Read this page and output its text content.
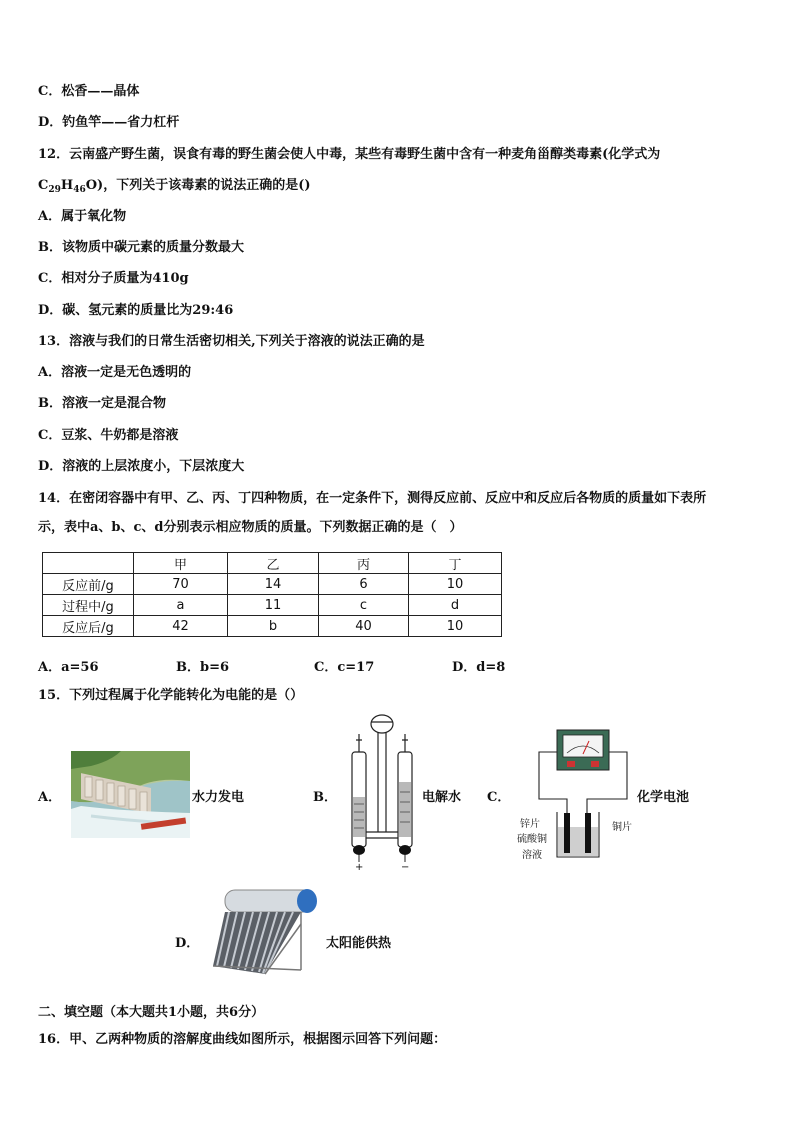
C．松香——晶体
D．钓鱼竿——省力杠杆
12．云南盛产野生菌，误食有毒的野生菌会使人中毒，某些有毒野生菌中含有一种麦角甾醇类毒素(化学式为
$C_{29}H_{46}O$)，下列关于该毒素的说法正确的是()
A．属于氧化物
B．该物质中碳元素的质量分数最大
C．相对分子质量为410g
D．碳、氢元素的质量比为29:46
13．溶液与我们的日常生活密切相关,下列关于溶液的说法正确的是
A．溶液一定是无色透明的
B．溶液一定是混合物
C．豆浆、牛奶都是溶液
D．溶液的上层浓度小，下层浓度大
14．在密闭容器中有甲、乙、丙、丁四种物质，在一定条件下，测得反应前、反应中和反应后各物质的质量如下表所
示，表中a、b、c、d分别表示相应物质的质量。下列数据正确的是（　）
	甲	乙	丙	丁
反应前/g	70	14	6	10
过程中/g	a	11	c	d
反应后/g	42	b	40	10
A．a=56	B．b=6	C．c=17	D．d=8
15．下列过程属于化学能转化为电能的是（）
A．	水力发电	B．
+	−
电解水 C．
锌片
硫酸铜
溶液
铜片
化学电池
D．	太阳能供热
二、填空题（本大题共1小题，共6分）
16．甲、乙两种物质的溶解度曲线如图所示，根据图示回答下列问题：
